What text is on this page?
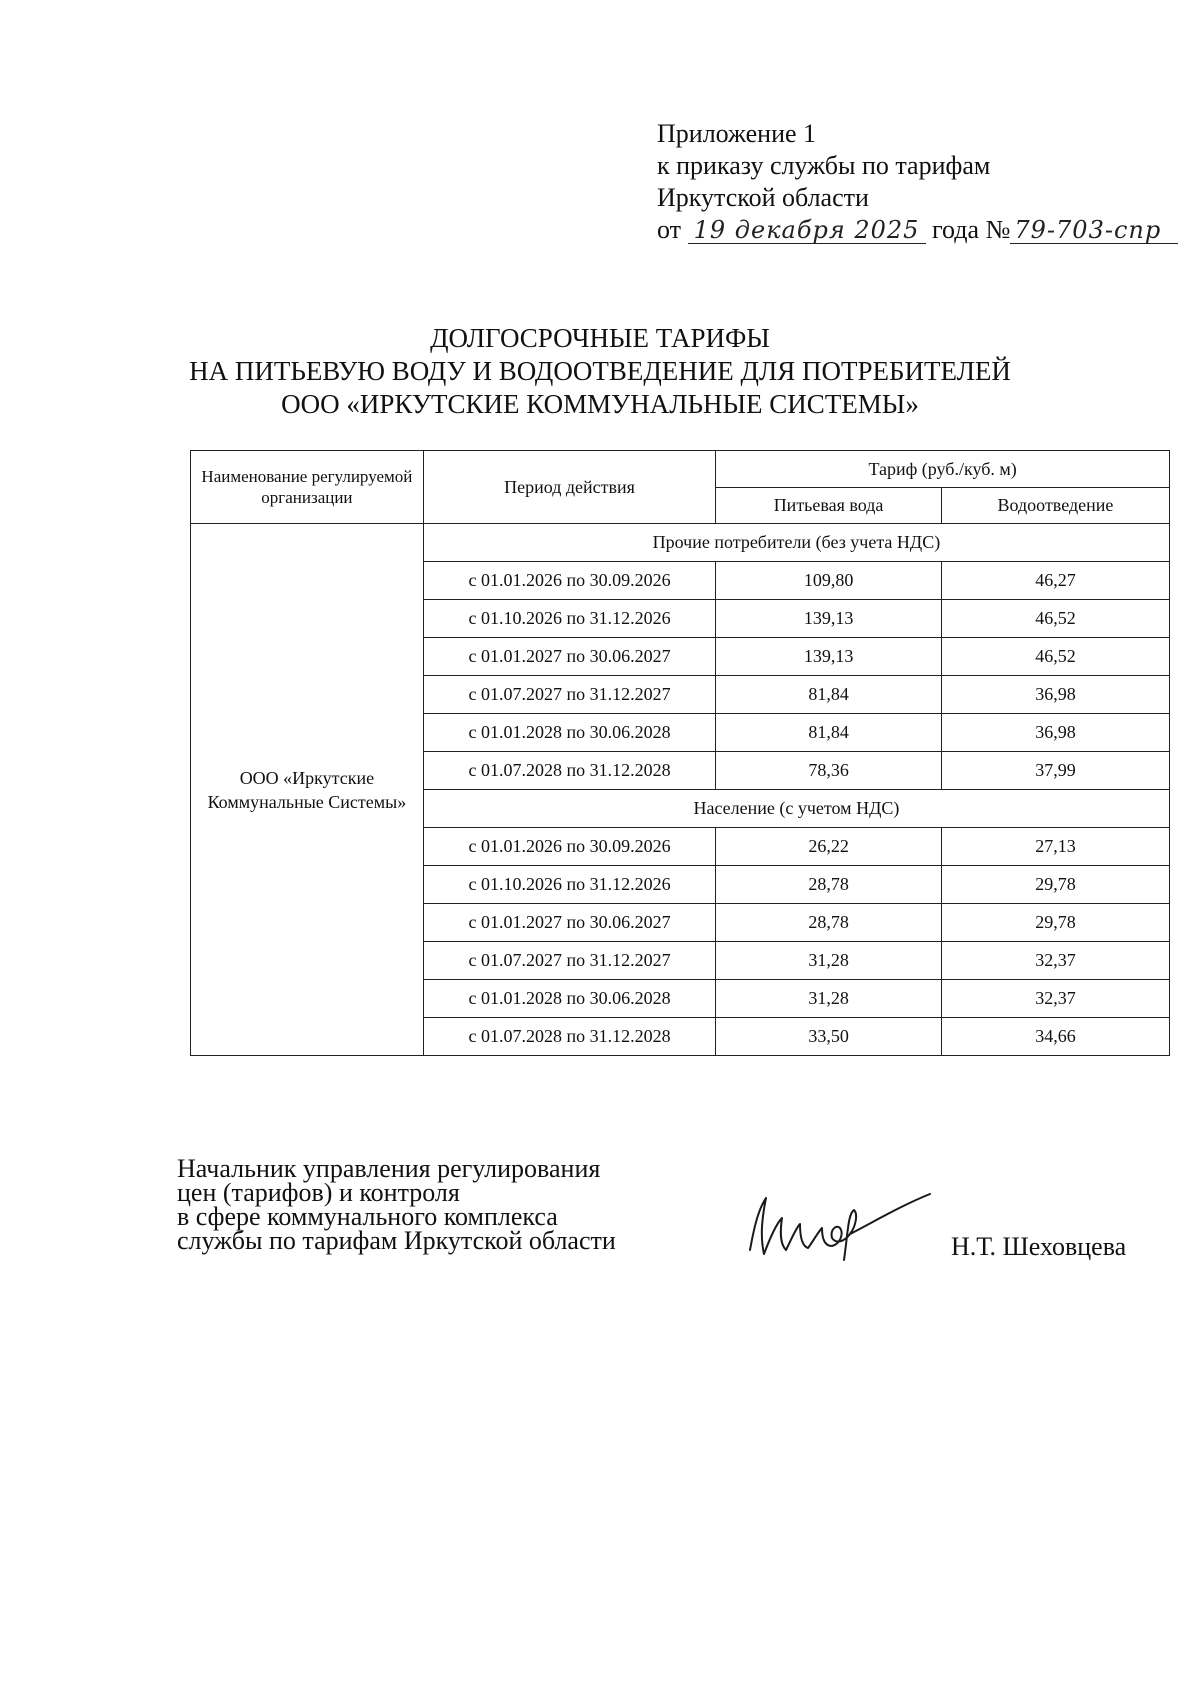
Приложение 1
к приказу службы по тарифам
Иркутской области
от 19 декабря 2025 года № 79-703-спр
ДОЛГОСРОЧНЫЕ ТАРИФЫ
НА ПИТЬЕВУЮ ВОДУ И ВОДООТВЕДЕНИЕ ДЛЯ ПОТРЕБИТЕЛЕЙ
ООО «ИРКУТСКИЕ КОММУНАЛЬНЫЕ СИСТЕМЫ»
Наименование регулируемой организации	Период действия	Тариф (руб./куб. м)	
		Питьевая вода	Водоотведение
ООО «Иркутские Коммунальные Системы»	Прочие потребители (без учета НДС)		
	с 01.01.2026 по 30.09.2026	109,80	46,27
	с 01.10.2026 по 31.12.2026	139,13	46,52
	с 01.01.2027 по 30.06.2027	139,13	46,52
	с 01.07.2027 по 31.12.2027	81,84	36,98
	с 01.01.2028 по 30.06.2028	81,84	36,98
	с 01.07.2028 по 31.12.2028	78,36	37,99
	Население (с учетом НДС)		
	с 01.01.2026 по 30.09.2026	26,22	27,13
	с 01.10.2026 по 31.12.2026	28,78	29,78
	с 01.01.2027 по 30.06.2027	28,78	29,78
	с 01.07.2027 по 31.12.2027	31,28	32,37
	с 01.01.2028 по 30.06.2028	31,28	32,37
	с 01.07.2028 по 31.12.2028	33,50	34,66
Начальник управления регулирования
цен (тарифов) и контроля
в сфере коммунального комплекса
службы по тарифам Иркутской области	Н.Т. Шеховцева
